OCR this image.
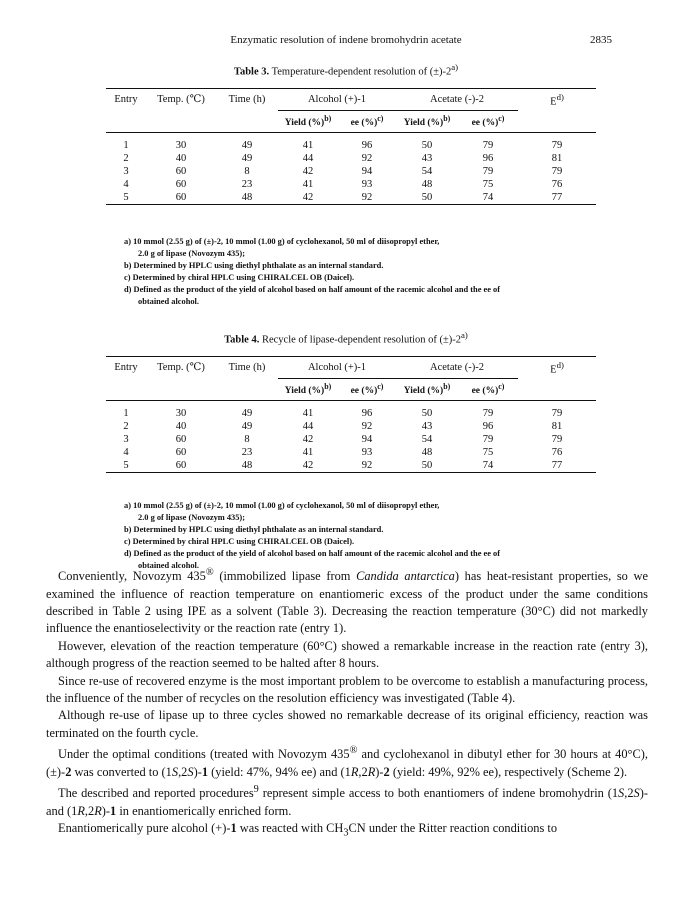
Enzymatic resolution of indene bromohydrin acetate	2835
Table 3. Temperature-dependent resolution of $(\pm)-2^{a)}$
Entry	Temp. (℃)	Time (h)	Alcohol (+)-1		Acetate (-)-2		$E^{d)}$
			Yield (%)$^{b)}$	ee (%)$^{c)}$	Yield (%)$^{b)}$	ee (%)$^{c)}$	

1	30	49	41	96	50	79	79
2	40	49	44	92	43	96	81
3	60	8	42	94	54	79	79
4	60	23	41	93	48	75	76
5	60	48	42	92	50	74	77
a) 10 mmol (2.55 g) of (±)-2, 10 mmol (1.00 g) of cyclohexanol, 50 ml of diisopropyl ether,
2.0 g of lipase (Novozym 435);
b) Determined by HPLC using diethyl phthalate as an internal standard.
c) Determined by chiral HPLC using CHIRALCEL OB (Daicel).
d) Defined as the product of the yield of alcohol based on half amount of the racemic alcohol and the ee of
obtained alcohol.
Table 4. Recycle of lipase-dependent resolution of $(\pm)-2^{a)}$
Entry	Temp. (℃)	Time (h)	Alcohol (+)-1		Acetate (-)-2		$E^{d)}$
			Yield (%)$^{b)}$	ee (%)$^{c)}$	Yield (%)$^{b)}$	ee (%)$^{c)}$	

1	30	49	41	96	50	79	79
2	40	49	44	92	43	96	81
3	60	8	42	94	54	79	79
4	60	23	41	93	48	75	76
5	60	48	42	92	50	74	77
a) 10 mmol (2.55 g) of (±)-2, 10 mmol (1.00 g) of cyclohexanol, 50 ml of diisopropyl ether,
2.0 g of lipase (Novozym 435);
b) Determined by HPLC using diethyl phthalate as an internal standard.
c) Determined by chiral HPLC using CHIRALCEL OB (Daicel).
d) Defined as the product of the yield of alcohol based on half amount of the racemic alcohol and the ee of
obtained alcohol.

Conveniently, Novozym 435® (immobilized lipase from Candida antarctica) has heat-resistant properties, so we examined the influence of reaction temperature on enantiomeric excess of the product under the same conditions described in Table 2 using IPE as a solvent (Table 3). Decreasing the reaction temperature (30°C) did not markedly influence the enantioselectivity or the reaction rate (entry 1).

However, elevation of the reaction temperature (60°C) showed a remarkable increase in the reaction rate (entry 3), although progress of the reaction seemed to be halted after 8 hours.

Since re-use of recovered enzyme is the most important problem to be overcome to establish a manufacturing process, the influence of the number of recycles on the resolution efficiency was investigated (Table 4).

Although re-use of lipase up to three cycles showed no remarkable decrease of its original efficiency, reaction was terminated on the fourth cycle.

Under the optimal conditions (treated with Novozym 435® and cyclohexanol in dibutyl ether for 30 hours at 40°C), (±)-2 was converted to (1S,2S)-1 (yield: 47%, 94% ee) and (1R,2R)-2 (yield: 49%, 92% ee), respectively (Scheme 2).

The described and reported procedures$^9$ represent simple access to both enantiomers of indene bromohydrin (1S,2S)- and (1R,2R)-1 in enantiomerically enriched form.

Enantiomerically pure alcohol (+)-1 was reacted with $CH_3CN$ under the Ritter reaction conditions to
